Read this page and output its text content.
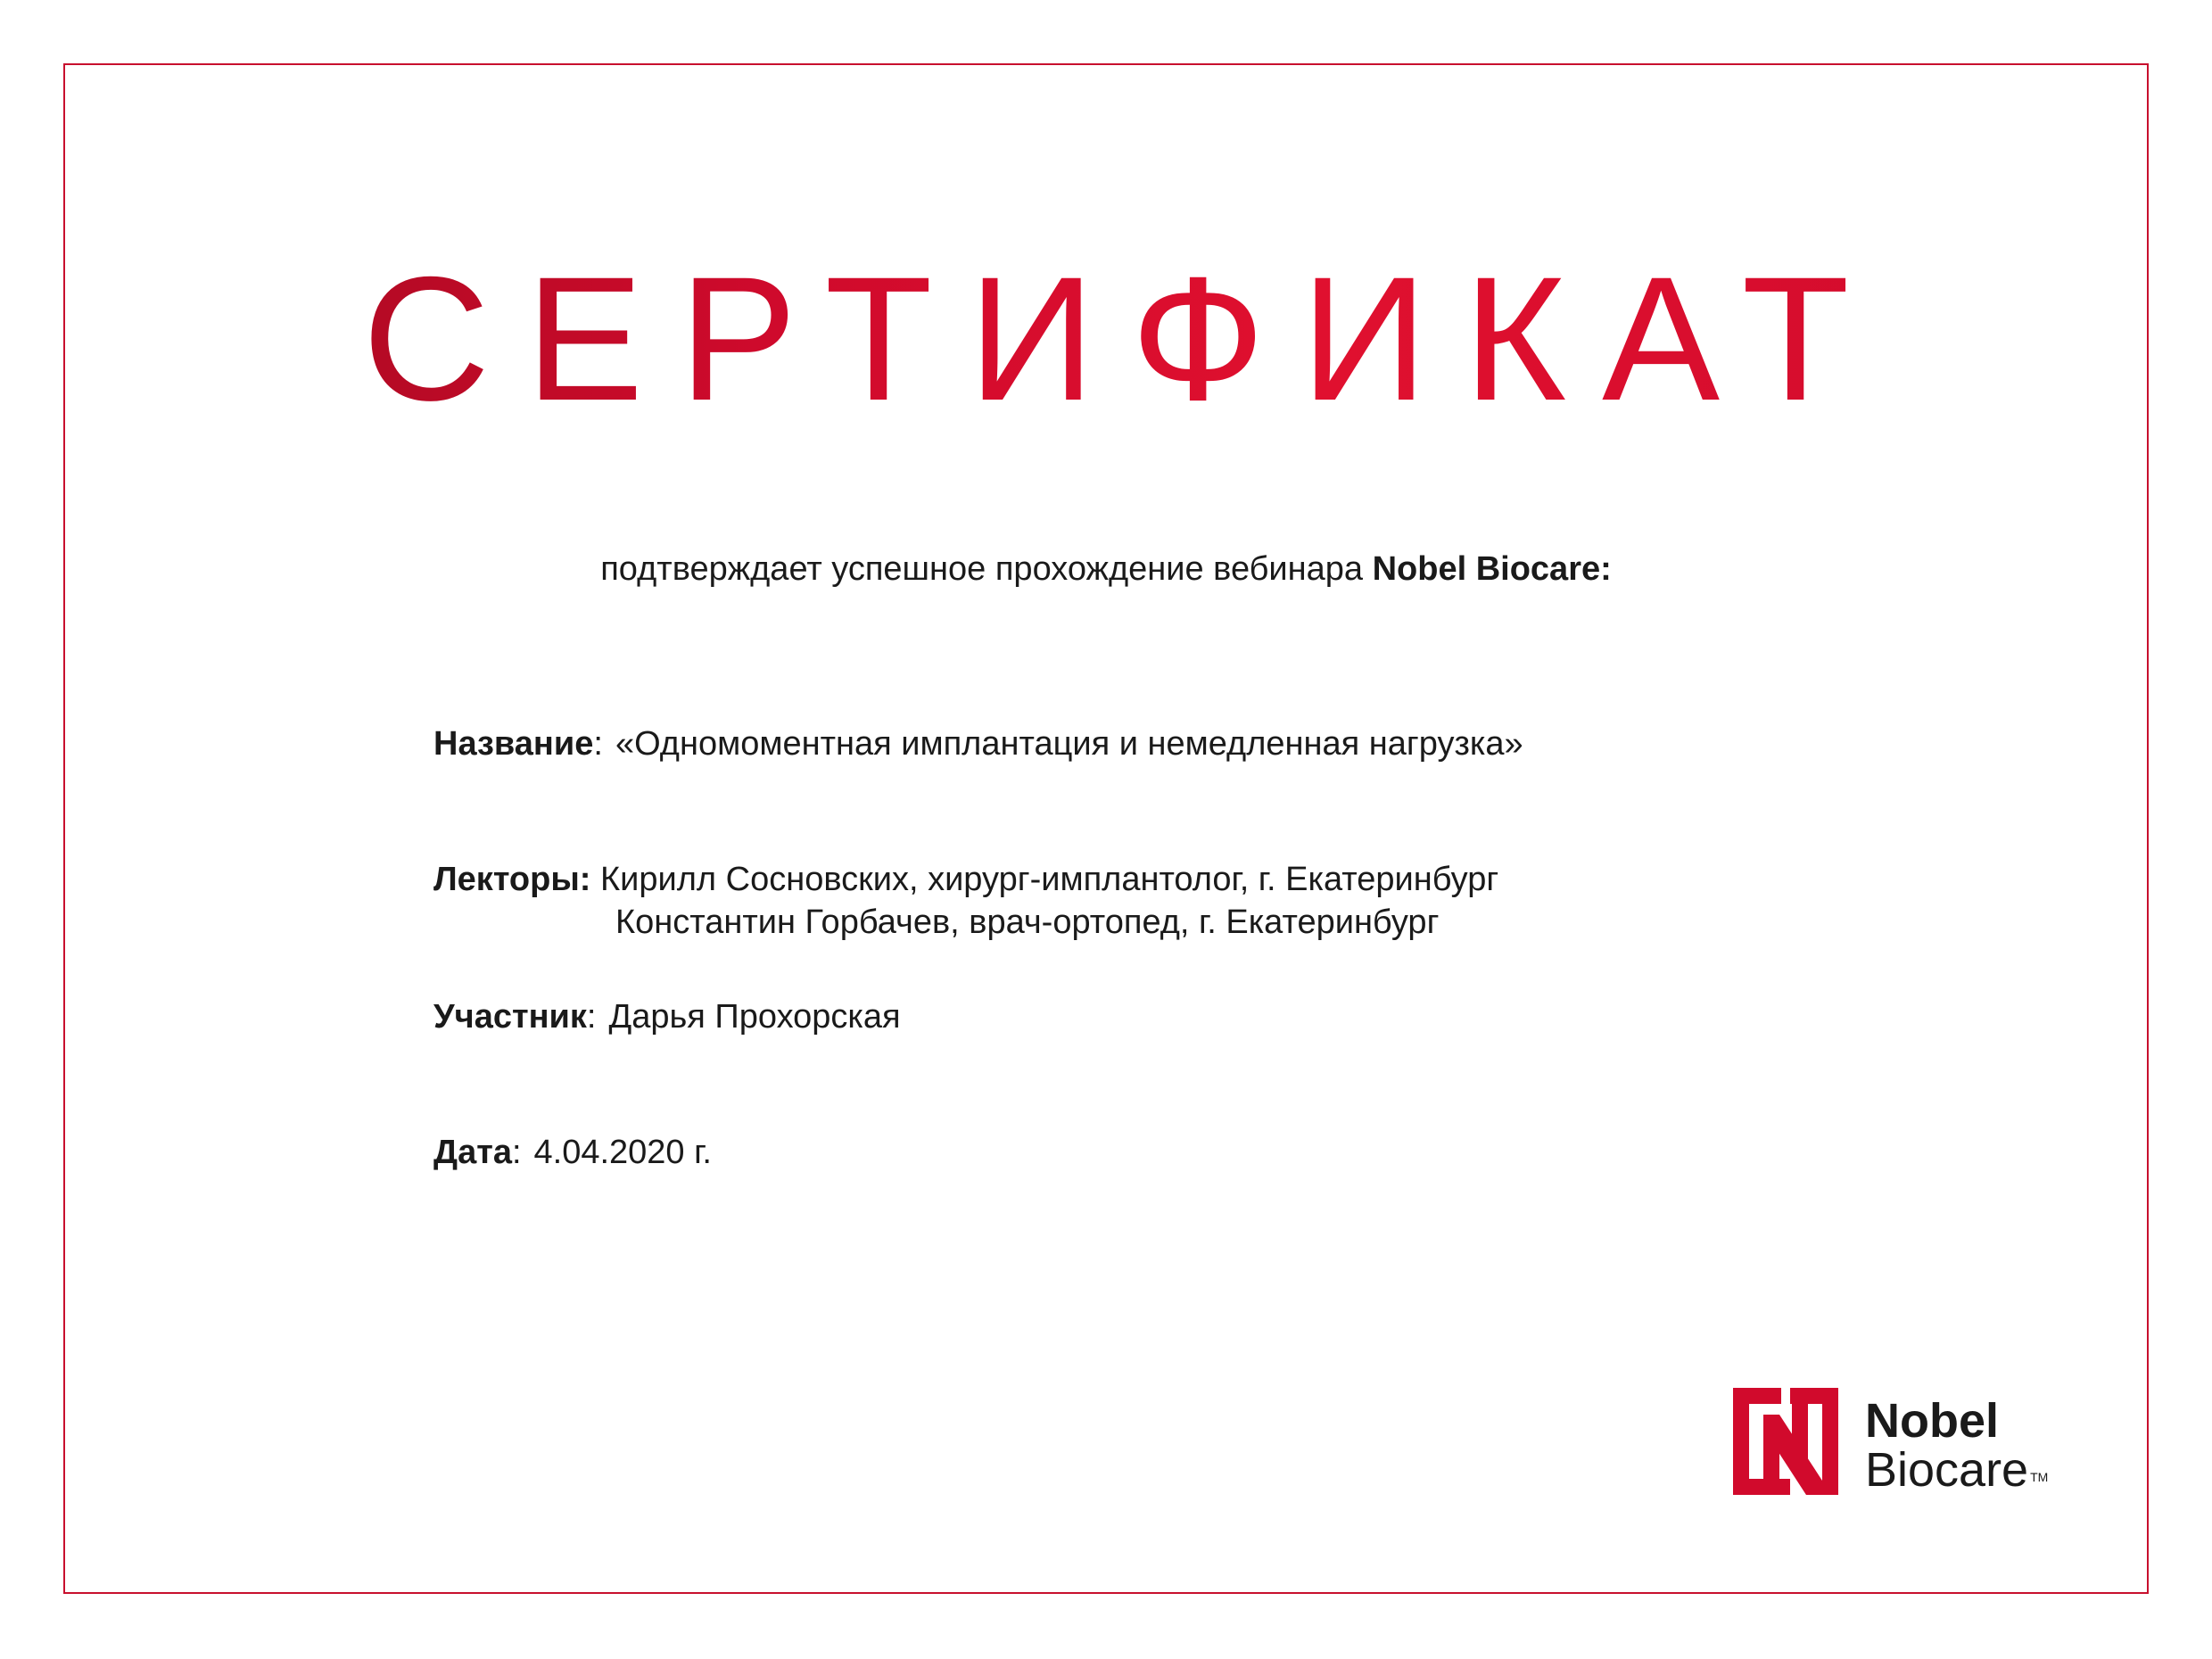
СЕРТИФИКАТ
подтверждает успешное прохождение вебинара Nobel Biocare:
Название: «Одномоментная имплантация и немедленная нагрузка»
Лекторы: Кирилл Сосновских, хирург-имплантолог, г. Екатеринбург
Константин Горбачев, врач-ортопед, г. Екатеринбург
Участник: Дарья Прохорская
Дата: 4.04.2020 г.
Nobel
Biocare ™
